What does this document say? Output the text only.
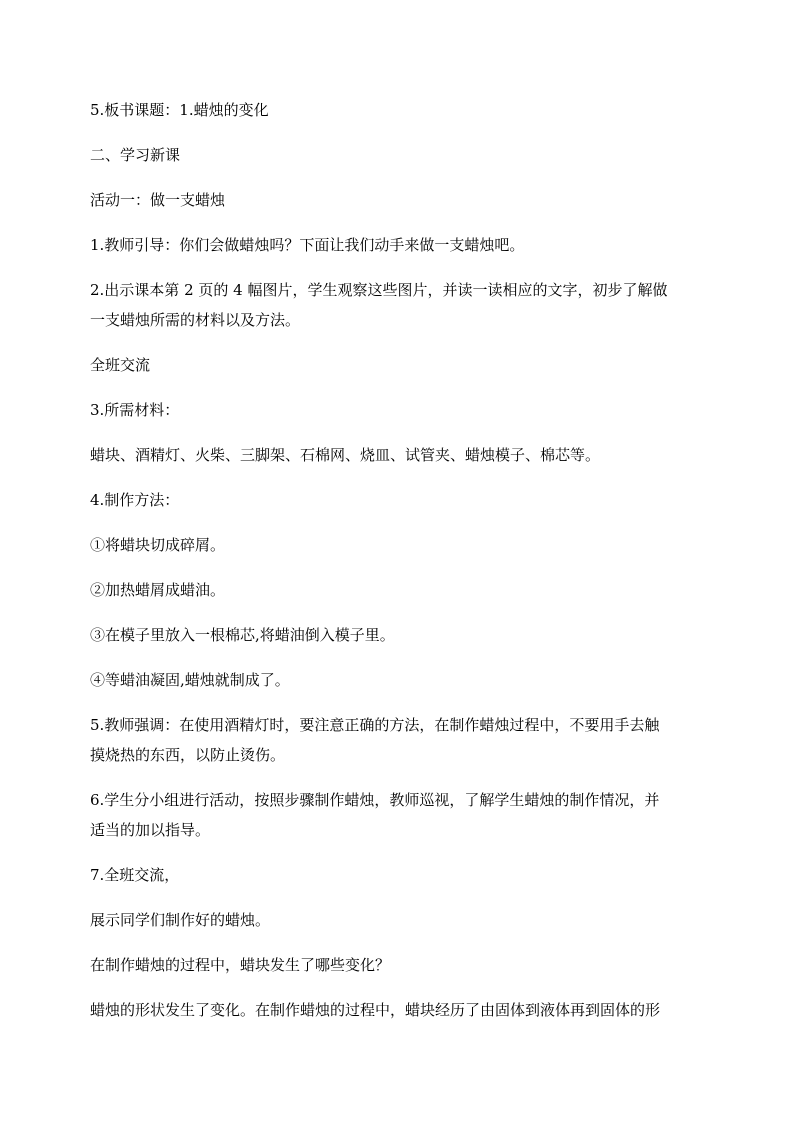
5.板书课题：1.蜡烛的变化
二、学习新课
活动一：做一支蜡烛
1.教师引导：你们会做蜡烛吗？下面让我们动手来做一支蜡烛吧。
2.出示课本第 2 页的 4 幅图片，学生观察这些图片，并读一读相应的文字，初步了解做
一支蜡烛所需的材料以及方法。
全班交流
3.所需材料：
蜡块、酒精灯、火柴、三脚架、石棉网、烧皿、试管夹、蜡烛模子、棉芯等。
4.制作方法：
①将蜡块切成碎屑。
②加热蜡屑成蜡油。
③在模子里放入一根棉芯,将蜡油倒入模子里。
④等蜡油凝固,蜡烛就制成了。
5.教师强调：在使用酒精灯时，要注意正确的方法，在制作蜡烛过程中，不要用手去触
摸烧热的东西，以防止烫伤。
6.学生分小组进行活动，按照步骤制作蜡烛，教师巡视，了解学生蜡烛的制作情况，并
适当的加以指导。
7.全班交流，
展示同学们制作好的蜡烛。
在制作蜡烛的过程中，蜡块发生了哪些变化？
蜡烛的形状发生了变化。在制作蜡烛的过程中，蜡块经历了由固体到液体再到固体的形
